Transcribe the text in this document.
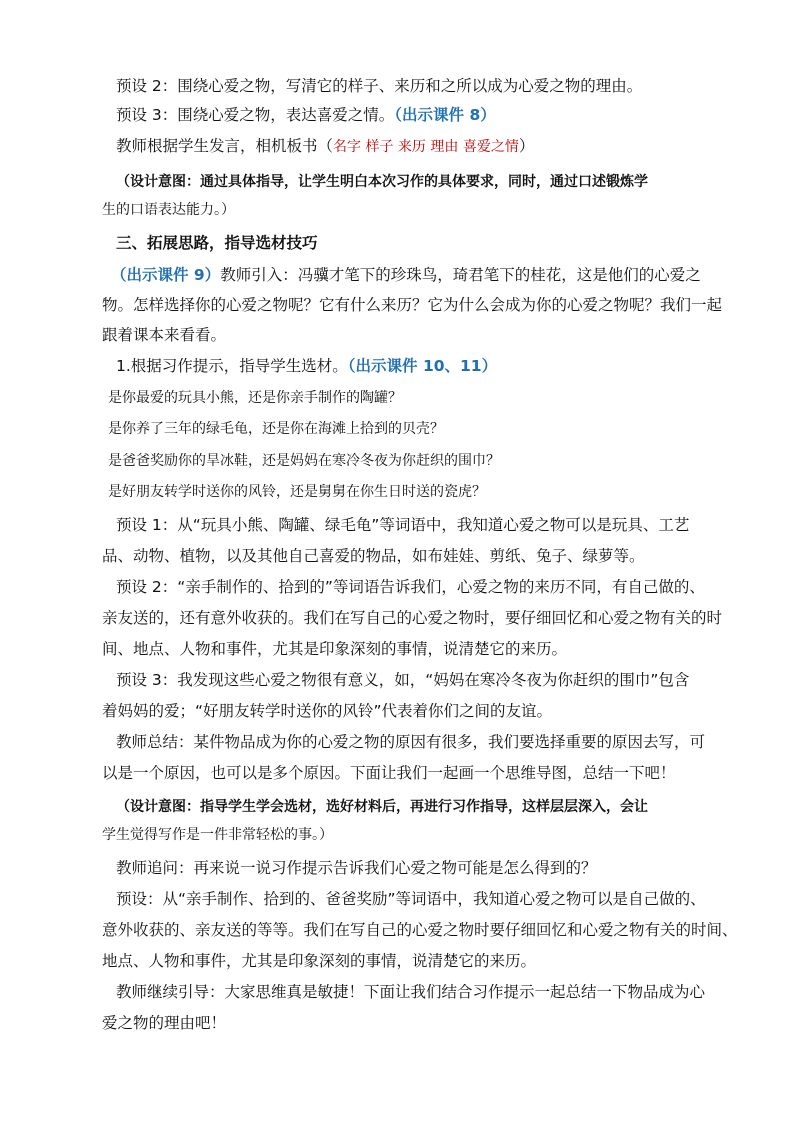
预设 2：围绕心爱之物，写清它的样子、来历和之所以成为心爱之物的理由。
预设 3：围绕心爱之物，表达喜爱之情。（出示课件 8）
教师根据学生发言，相机板书（名字 样子 来历 理由 喜爱之情）
（设计意图：通过具体指导，让学生明白本次习作的具体要求，同时，通过口述锻炼学
生的口语表达能力。）
三、拓展思路，指导选材技巧
（出示课件 9）教师引入：冯骥才笔下的珍珠鸟，琦君笔下的桂花，这是他们的心爱之
物。怎样选择你的心爱之物呢？它有什么来历？它为什么会成为你的心爱之物呢？我们一起
跟着课本来看看。
1.根据习作提示，指导学生选材。（出示课件 10、11）
是你最爱的玩具小熊，还是你亲手制作的陶罐？
是你养了三年的绿毛龟，还是你在海滩上拾到的贝壳？
是爸爸奖励你的旱冰鞋，还是妈妈在寒冷冬夜为你赶织的围巾？
是好朋友转学时送你的风铃，还是舅舅在你生日时送的瓷虎？
预设 1：从“玩具小熊、陶罐、绿毛龟”等词语中，我知道心爱之物可以是玩具、工艺
品、动物、植物，以及其他自己喜爱的物品，如布娃娃、剪纸、兔子、绿萝等。
预设 2：“亲手制作的、拾到的”等词语告诉我们，心爱之物的来历不同，有自己做的、
亲友送的，还有意外收获的。我们在写自己的心爱之物时，要仔细回忆和心爱之物有关的时
间、地点、人物和事件，尤其是印象深刻的事情，说清楚它的来历。
预设 3：我发现这些心爱之物很有意义，如，“妈妈在寒冷冬夜为你赶织的围巾”包含
着妈妈的爱；“好朋友转学时送你的风铃”代表着你们之间的友谊。
教师总结：某件物品成为你的心爱之物的原因有很多，我们要选择重要的原因去写，可
以是一个原因，也可以是多个原因。下面让我们一起画一个思维导图，总结一下吧！
（设计意图：指导学生学会选材，选好材料后，再进行习作指导，这样层层深入，会让
学生觉得写作是一件非常轻松的事。）
教师追问：再来说一说习作提示告诉我们心爱之物可能是怎么得到的？
预设：从“亲手制作、拾到的、爸爸奖励”等词语中，我知道心爱之物可以是自己做的、
意外收获的、亲友送的等等。我们在写自己的心爱之物时要仔细回忆和心爱之物有关的时间、
地点、人物和事件，尤其是印象深刻的事情，说清楚它的来历。
教师继续引导：大家思维真是敏捷！下面让我们结合习作提示一起总结一下物品成为心
爱之物的理由吧！
